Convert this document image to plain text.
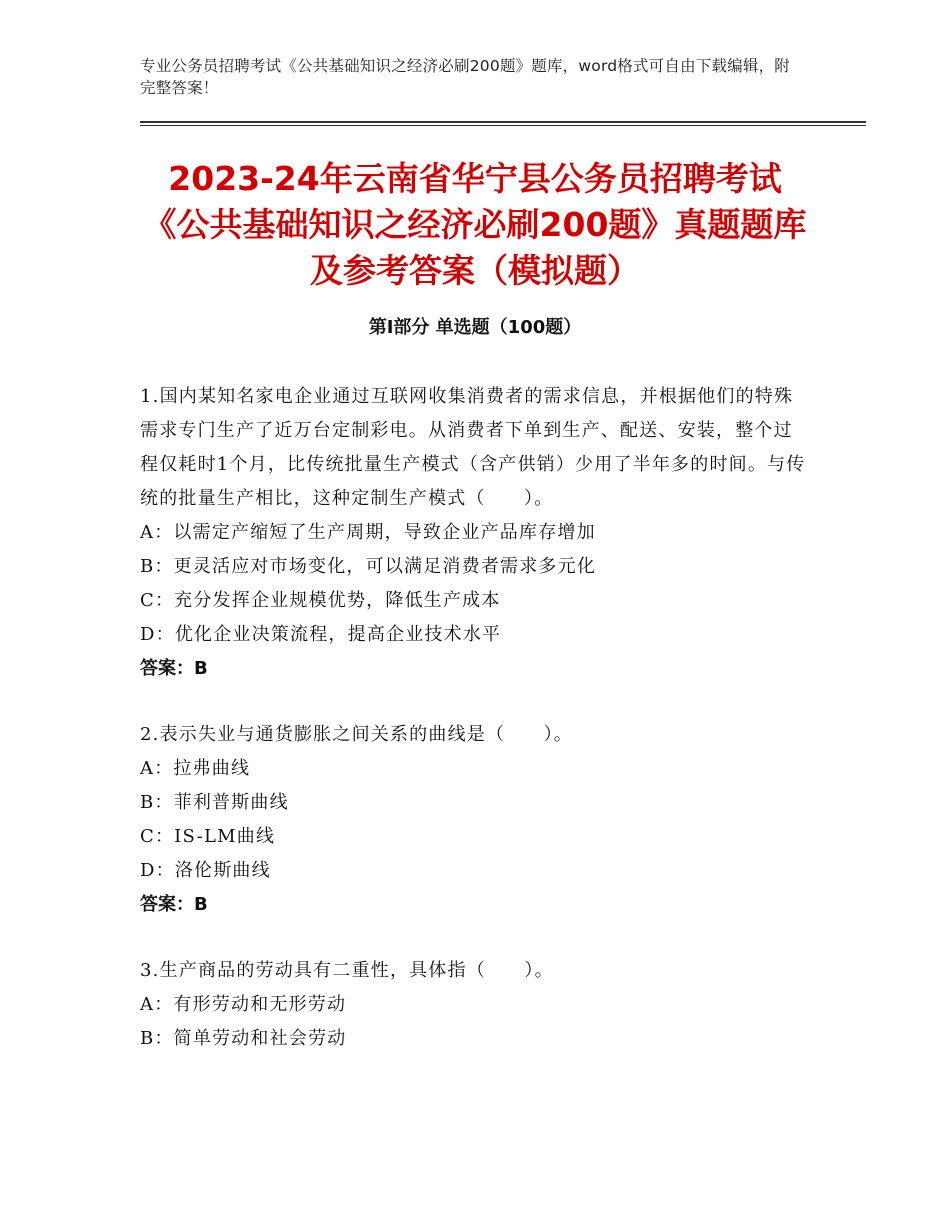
专业公务员招聘考试《公共基础知识之经济必刷200题》题库，word格式可自由下载编辑，附完整答案！
2023-24年云南省华宁县公务员招聘考试《公共基础知识之经济必刷200题》真题题库及参考答案（模拟题）
第Ⅰ部分 单选题（100题）

1.国内某知名家电企业通过互联网收集消费者的需求信息，并根据他们的特殊需求专门生产了近万台定制彩电。从消费者下单到生产、配送、安装，整个过程仅耗时1个月，比传统批量生产模式（含产供销）少用了半年多的时间。与传统的批量生产相比，这种定制生产模式（　　）。

A：以需定产缩短了生产周期，导致企业产品库存增加

B：更灵活应对市场变化，可以满足消费者需求多元化

C：充分发挥企业规模优势，降低生产成本

D：优化企业决策流程，提高企业技术水平

答案：B

2.表示失业与通货膨胀之间关系的曲线是（　　）。

A：拉弗曲线

B：菲利普斯曲线

C：IS-LM曲线

D：洛伦斯曲线

答案：B

3.生产商品的劳动具有二重性，具体指（　　）。

A：有形劳动和无形劳动

B：简单劳动和社会劳动
